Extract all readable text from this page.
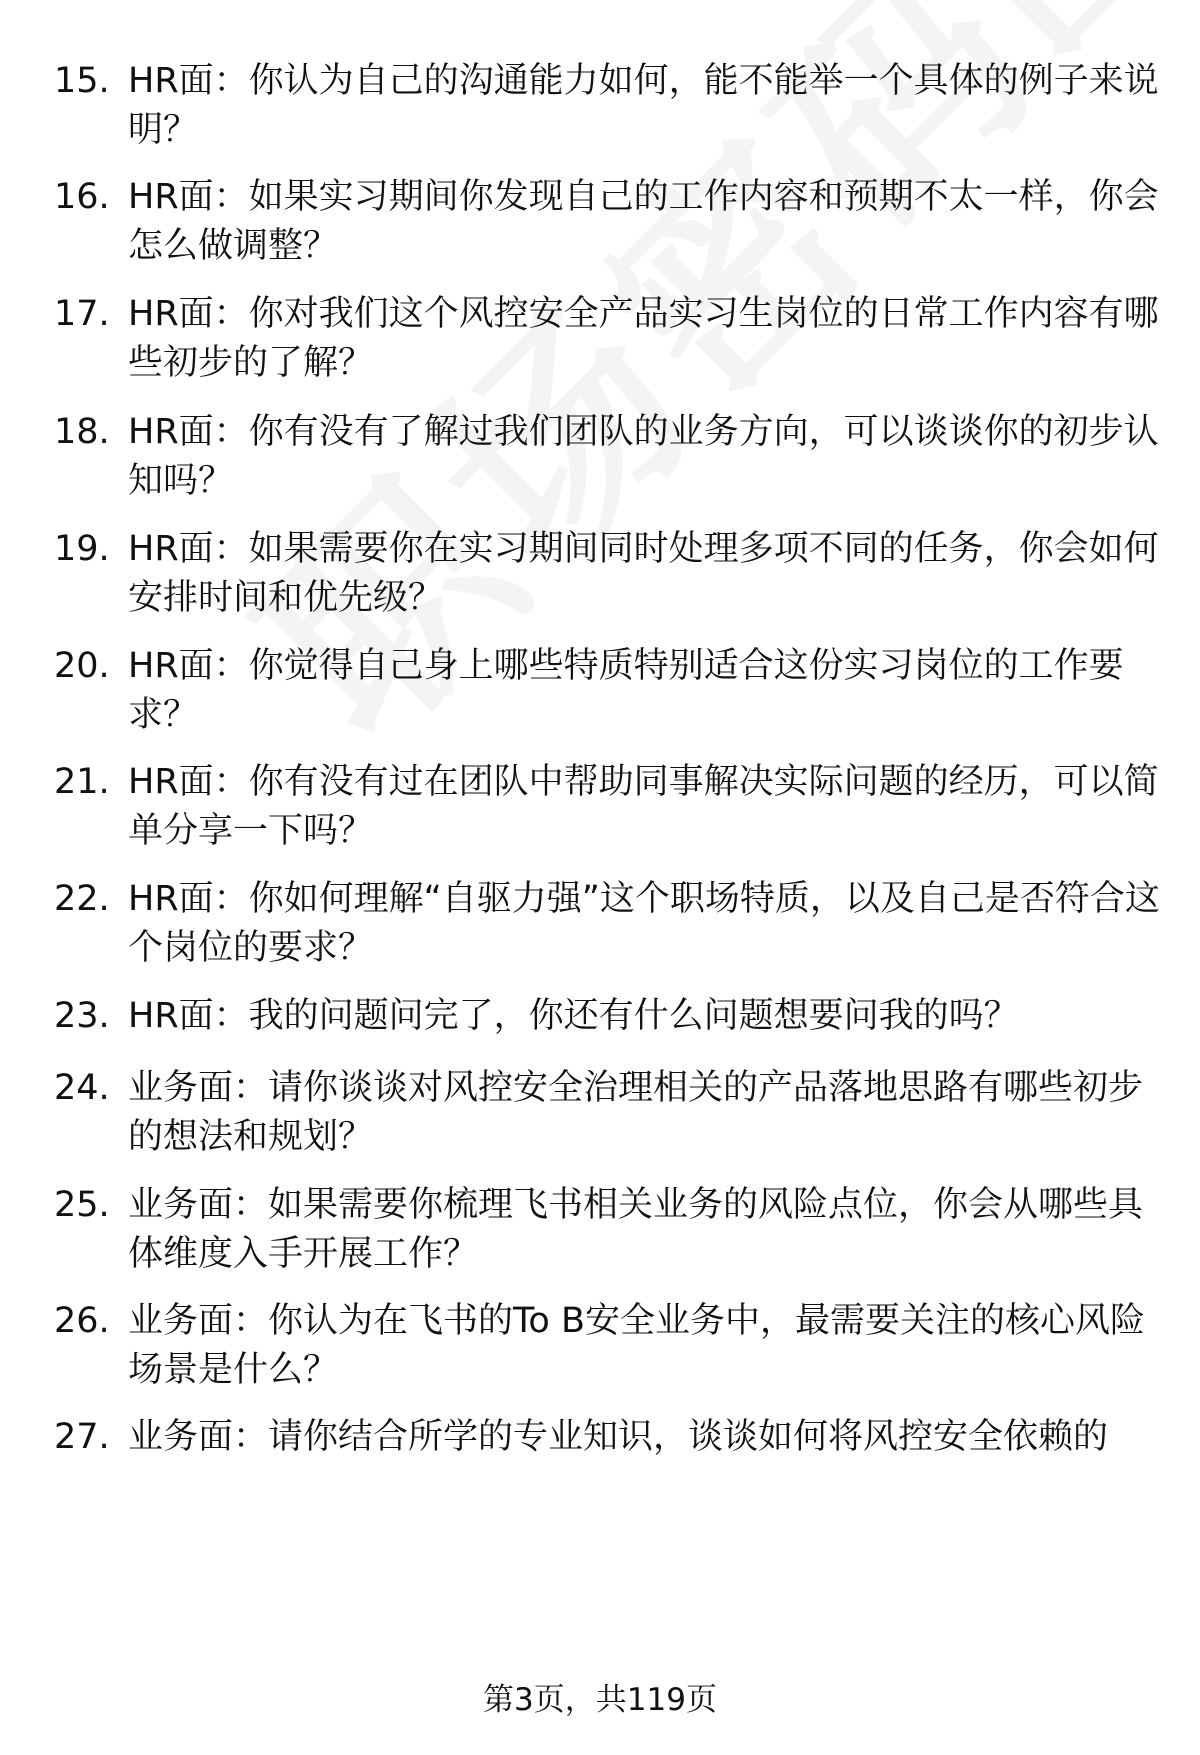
15. HR面：你认为自己的沟通能力如何，能不能举一个具体的例子来说明？
16. HR面：如果实习期间你发现自己的工作内容和预期不太一样，你会怎么做调整？
17. HR面：你对我们这个风控安全产品实习生岗位的日常工作内容有哪些初步的了解？
18. HR面：你有没有了解过我们团队的业务方向，可以谈谈你的初步认知吗？
19. HR面：如果需要你在实习期间同时处理多项不同的任务，你会如何安排时间和优先级？
20. HR面：你觉得自己身上哪些特质特别适合这份实习岗位的工作要求？
21. HR面：你有没有过在团队中帮助同事解决实际问题的经历，可以简单分享一下吗？
22. HR面：你如何理解“自驱力强”这个职场特质，以及自己是否符合这个岗位的要求？
23. HR面：我的问题问完了，你还有什么问题想要问我的吗？
24. 业务面：请你谈谈对风控安全治理相关的产品落地思路有哪些初步的想法和规划？
25. 业务面：如果需要你梳理飞书相关业务的风险点位，你会从哪些具体维度入手开展工作？
26. 业务面：你认为在飞书的To B安全业务中，最需要关注的核心风险场景是什么？
27. 业务面：请你结合所学的专业知识，谈谈如何将风控安全依赖的
第3页，共119页
